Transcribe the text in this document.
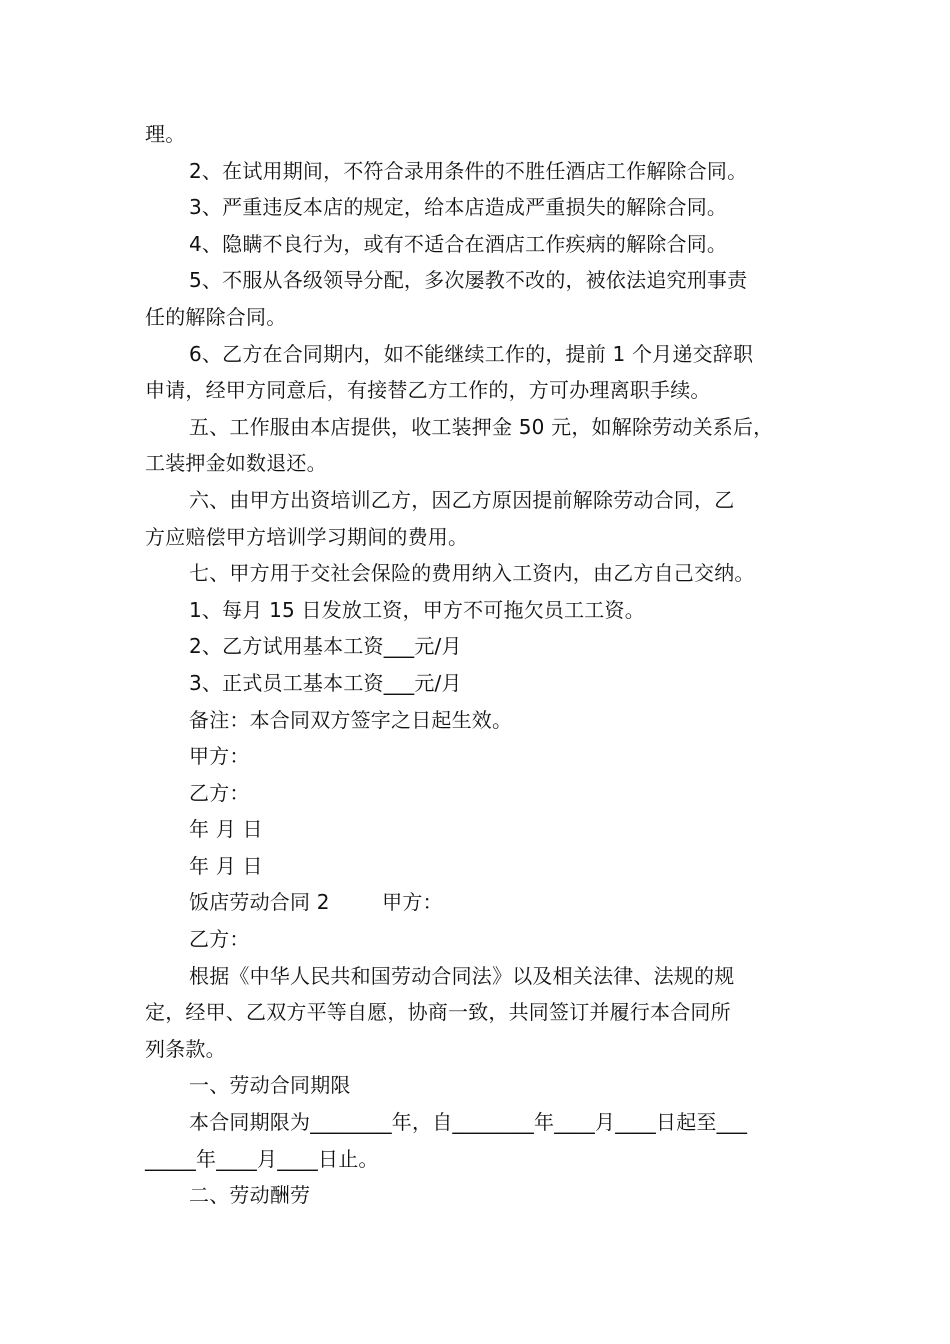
理。
2、在试用期间，不符合录用条件的不胜任酒店工作解除合同。
3、严重违反本店的规定，给本店造成严重损失的解除合同。
4、隐瞒不良行为，或有不适合在酒店工作疾病的解除合同。
5、不服从各级领导分配，多次屡教不改的，被依法追究刑事责
任的解除合同。
6、乙方在合同期内，如不能继续工作的，提前 1 个月递交辞职
申请，经甲方同意后，有接替乙方工作的，方可办理离职手续。
五、工作服由本店提供，收工装押金 50 元，如解除劳动关系后，
工装押金如数退还。
六、由甲方出资培训乙方，因乙方原因提前解除劳动合同，乙
方应赔偿甲方培训学习期间的费用。
七、甲方用于交社会保险的费用纳入工资内，由乙方自己交纳。
1、每月 15 日发放工资，甲方不可拖欠员工工资。
2、乙方试用基本工资___元/月
3、正式员工基本工资___元/月
备注：本合同双方签字之日起生效。
甲方：
乙方：
年 月 日
年 月 日
饭店劳动合同 2        甲方：
乙方：
根据《中华人民共和国劳动合同法》以及相关法律、法规的规
定，经甲、乙双方平等自愿，协商一致，共同签订并履行本合同所
列条款。
一、劳动合同期限
本合同期限为________年，自________年____月____日起至___
_____年____月____日止。
二、劳动酬劳
